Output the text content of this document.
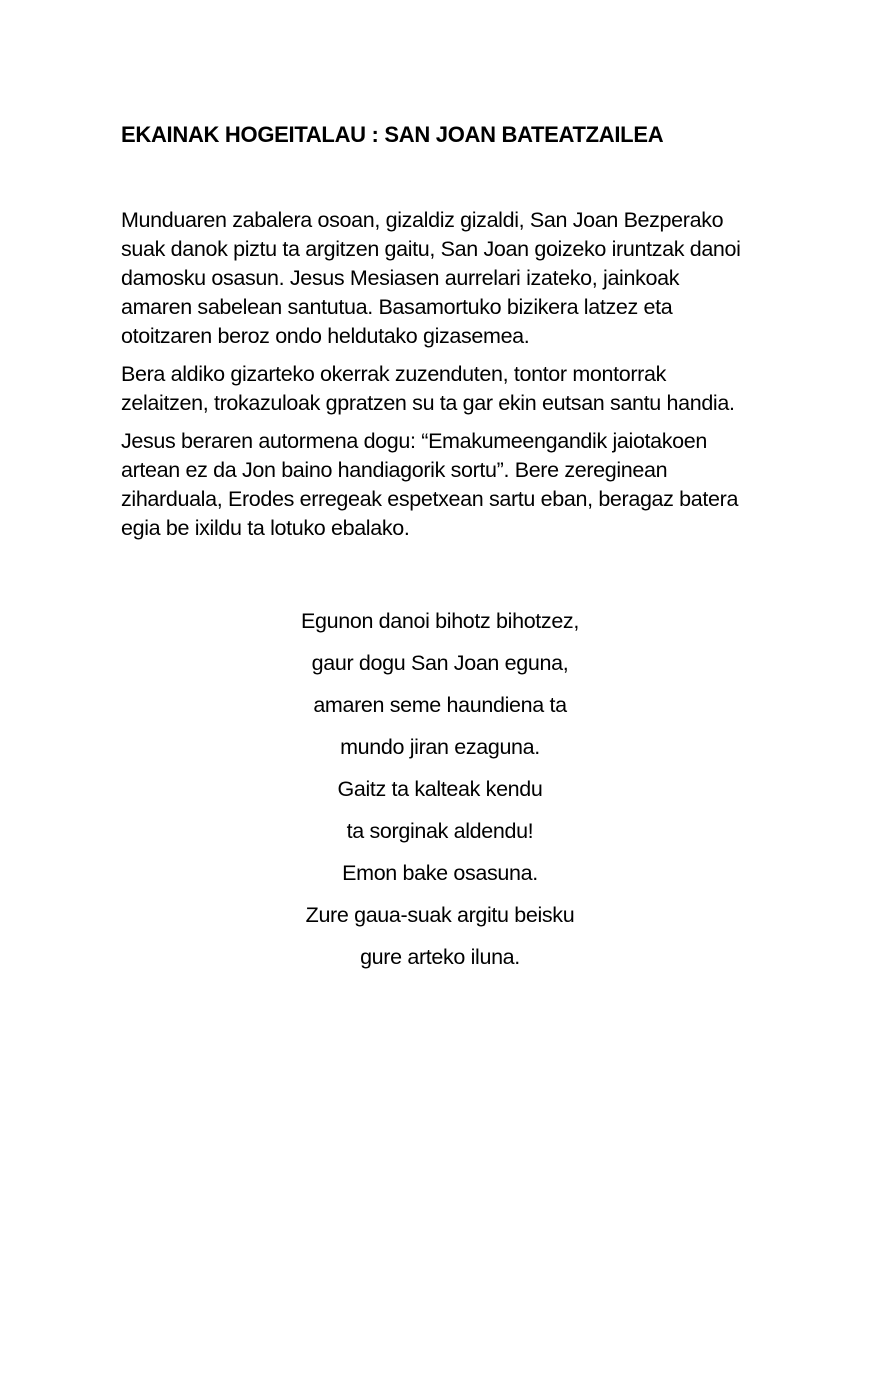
EKAINAK HOGEITALAU : SAN JOAN BATEATZAILEA

Munduaren zabalera osoan, gizaldiz gizaldi, San Joan Bezperako
suak danok piztu ta argitzen gaitu, San Joan goizeko iruntzak danoi
damosku osasun. Jesus Mesiasen aurrelari izateko, jainkoak
amaren sabelean santutua. Basamortuko bizikera latzez eta
otoitzaren beroz ondo heldutako gizasemea.

Bera aldiko gizarteko okerrak zuzenduten, tontor montorrak
zelaitzen, trokazuloak gpratzen su ta gar ekin eutsan santu handia.

Jesus beraren autormena dogu: “Emakumeengandik jaiotakoen
artean ez da Jon baino handiagorik sortu”. Bere zereginean
ziharduala, Erodes erregeak espetxean sartu eban, beragaz batera
egia be ixildu ta lotuko ebalako.

Egunon danoi bihotz bihotzez,
gaur dogu San Joan eguna,
amaren seme haundiena ta
mundo jiran ezaguna.
Gaitz ta kalteak kendu
ta sorginak aldendu!
Emon bake osasuna.
Zure gaua-suak argitu beisku
gure arteko iluna.
